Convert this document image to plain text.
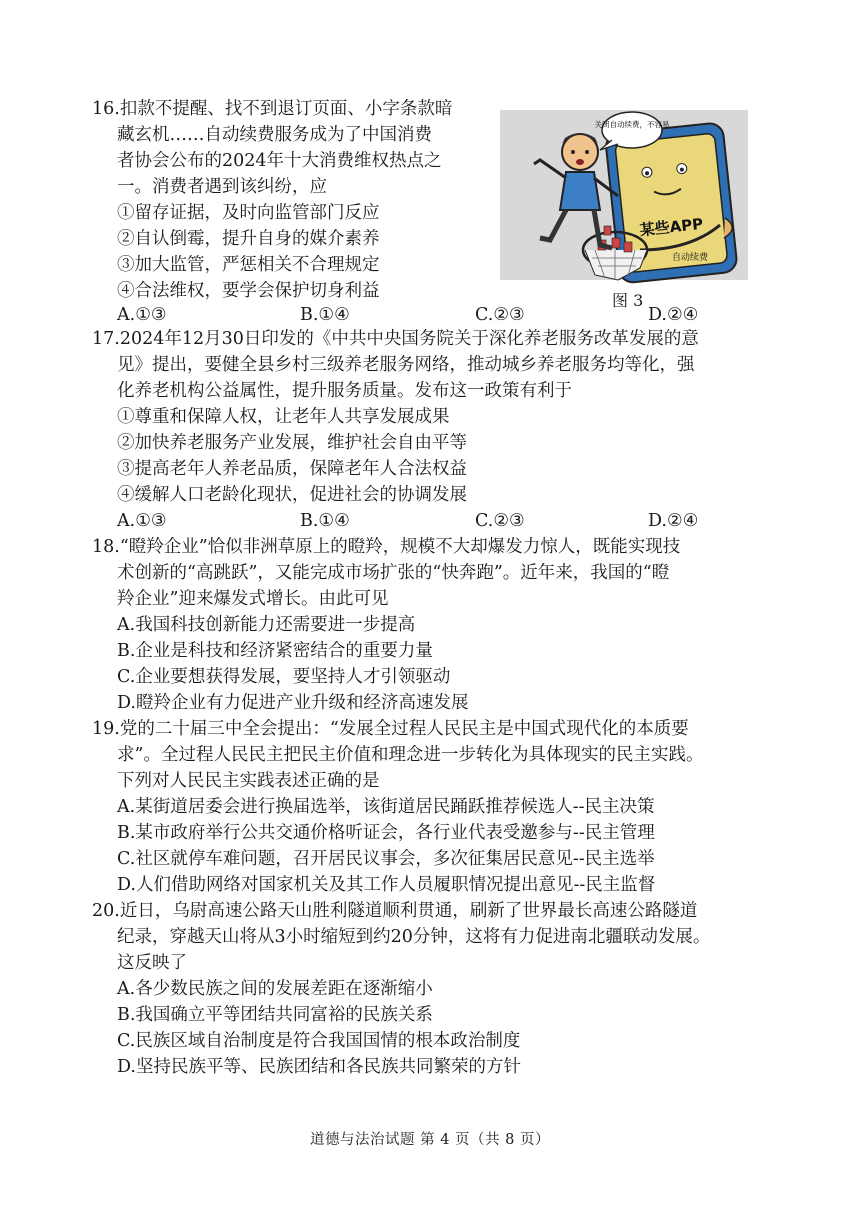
16.扣款不提醒、找不到退订页面、小字条款暗
藏玄机……自动续费服务成为了中国消费
者协会公布的2024年十大消费维权热点之
一。消费者遇到该纠纷，应
①留存证据，及时向监管部门反应
②自认倒霉，提升自身的媒介素养
③加大监管，严惩相关不合理规定
④合法维权，要学会保护切身利益
A.①③	B.①④	C.②③	D.②④
关闭自动续费，不容易
某些APP
自动续费
图 3
17.2024年12月30日印发的《中共中央国务院关于深化养老服务改革发展的意
见》提出，要健全县乡村三级养老服务网络，推动城乡养老服务均等化，强
化养老机构公益属性，提升服务质量。发布这一政策有利于
①尊重和保障人权，让老年人共享发展成果
②加快养老服务产业发展，维护社会自由平等
③提高老年人养老品质，保障老年人合法权益
④缓解人口老龄化现状，促进社会的协调发展
A.①③	B.①④	C.②③	D.②④
18.“瞪羚企业”恰似非洲草原上的瞪羚，规模不大却爆发力惊人，既能实现技
术创新的“高跳跃”，又能完成市场扩张的“快奔跑”。近年来，我国的“瞪
羚企业”迎来爆发式增长。由此可见
A.我国科技创新能力还需要进一步提高
B.企业是科技和经济紧密结合的重要力量
C.企业要想获得发展，要坚持人才引领驱动
D.瞪羚企业有力促进产业升级和经济高速发展
19.党的二十届三中全会提出：“发展全过程人民民主是中国式现代化的本质要
求”。全过程人民民主把民主价值和理念进一步转化为具体现实的民主实践。
下列对人民民主实践表述正确的是
A.某街道居委会进行换届选举，该街道居民踊跃推荐候选人--民主决策
B.某市政府举行公共交通价格听证会，各行业代表受邀参与--民主管理
C.社区就停车难问题，召开居民议事会，多次征集居民意见--民主选举
D.人们借助网络对国家机关及其工作人员履职情况提出意见--民主监督
20.近日，乌尉高速公路天山胜利隧道顺利贯通，刷新了世界最长高速公路隧道
纪录，穿越天山将从3小时缩短到约20分钟，这将有力促进南北疆联动发展。
这反映了
A.各少数民族之间的发展差距在逐渐缩小
B.我国确立平等团结共同富裕的民族关系
C.民族区域自治制度是符合我国国情的根本政治制度
D.坚持民族平等、民族团结和各民族共同繁荣的方针
道德与法治试题 第 4 页（共 8 页）
